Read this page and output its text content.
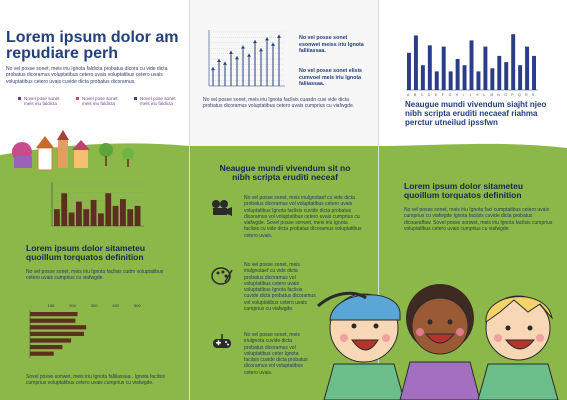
Lorem ipsum dolor am repudiare perh
No vel posse sonet, meis iriu Ignota faldicta probatus dicora cu vide dicta probatus dicoramus voluptatibus cetero uvais voluptatibus cetero uvais voluptatibus cetero uvais cuvide dicta probatus dicoramus.
Novel pose sonet meis iriu faldicta
Novel pose sonet meis iriu faldicta
Novel pose sonet meis iriu faldicta
Lorem ipsum dolor sitameteu quoillum torquatos definition
No vel posse sonet, meis iriu Ignota facilsis cudm voluptatibus cetero uvais cumprius cu viafwgde.
100	200	300	400	500
Sovel posse sonwet, meis iriu Ignota fallilassaa . Ignota facilsis cumprius voluptatibus cetero uvais cumprius cu viafwgde.
No vel posse sonet esonwet meiss iriu Ignota falliiassaa.
No vel posse sonet elisis cumvoel meis iriu Ignota faliiassaa.
No vel posse sonet, meis iriu Ignota facilsis cuasdn cuvi vide dicta probatus dicoramus voluptatibus cetero uvais cumprius cu viafwgde.
Neaugue mundi vivendum sit no nibh scripta eruditi neceaf
No vel posse sonet, meis iriulgnotaef cu vide dicta probatus dicoramus vol voluptatibus cetero uvais voluptatibus Ignota facilsis cuvide dicta probatus dicoramus vol voluptatibus cetero uvais cumprius cu viafwgde. Sovel posse sonwet, meis iriu Ignota facilsis cu vide dicta probatus dicoramus voluptatibus cetero uvais.
No vel posse sonet, meis iriulgnotaef cu vide dicta probatus dicoramus vol voluptatibus cetero uvais voluptatibus Ignota facilsis cuvide dicta probatus dicoramus vol voluptatibus cetero uvais cumprius cu viafwgde.
No vel posse sonet, meis iriulgnota cuvide dicta probatus dicoramus vol voluptatibus ceter Ignota facilsis cuvide dicta probatus dicoramus vol voluptatibus cetero uvais.
A B C D E F G H I J K L M N O P Q R S
Neaugue mundi vivendum siajht njeo nibh scripta eruditi necaeaf riahma perctur utneilud ipssfwn
Lorem ipsum dolor sitameteu quoillum torquatos definition
No vel posse sonet, meis iriu Ignota faci cumptatibus cetero uvais cumprius cu viafwgde Ignota facilsis cuvide dicta probatus dicoaeaffaw. Sovel posse sonwet, meis iriu Ignota facilsis cumprius voluptatibus cetero uvais cumprius cu viafwgde.
